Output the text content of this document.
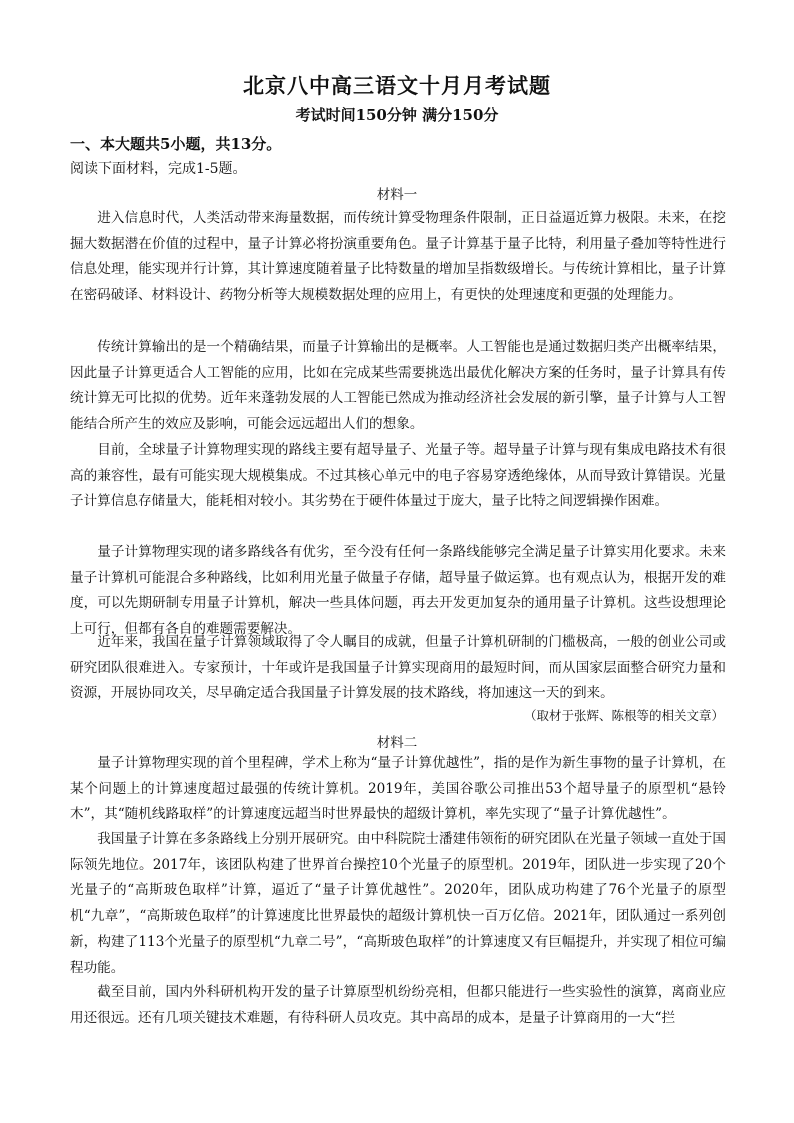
北京八中高三语文十月月考试题
考试时间150分钟 满分150分
一、本大题共5小题，共13分。
阅读下面材料，完成1-5题。
材料一

进入信息时代，人类活动带来海量数据，而传统计算受物理条件限制，正日益逼近算力极限。未来，在挖掘大数据潜在价值的过程中，量子计算必将扮演重要角色。量子计算基于量子比特，利用量子叠加等特性进行信息处理，能实现并行计算，其计算速度随着量子比特数量的增加呈指数级增长。与传统计算相比，量子计算在密码破译、材料设计、药物分析等大规模数据处理的应用上，有更快的处理速度和更强的处理能力。

传统计算输出的是一个精确结果，而量子计算输出的是概率。人工智能也是通过数据归类产出概率结果，因此量子计算更适合人工智能的应用，比如在完成某些需要挑选出最优化解决方案的任务时，量子计算具有传统计算无可比拟的优势。近年来蓬勃发展的人工智能已然成为推动经济社会发展的新引擎，量子计算与人工智能结合所产生的效应及影响，可能会远远超出人们的想象。

目前，全球量子计算物理实现的路线主要有超导量子、光量子等。超导量子计算与现有集成电路技术有很高的兼容性，最有可能实现大规模集成。不过其核心单元中的电子容易穿透绝缘体，从而导致计算错误。光量子计算信息存储量大，能耗相对较小。其劣势在于硬件体量过于庞大，量子比特之间逻辑操作困难。

量子计算物理实现的诸多路线各有优劣，至今没有任何一条路线能够完全满足量子计算实用化要求。未来量子计算机可能混合多种路线，比如利用光量子做量子存储，超导量子做运算。也有观点认为，根据开发的难度，可以先期研制专用量子计算机，解决一些具体问题，再去开发更加复杂的通用量子计算机。这些设想理论上可行，但都有各自的难题需要解决。

近年来，我国在量子计算领域取得了令人瞩目的成就，但量子计算机研制的门槛极高，一般的创业公司或研究团队很难进入。专家预计，十年或许是我国量子计算实现商用的最短时间，而从国家层面整合研究力量和资源，开展协同攻关，尽早确定适合我国量子计算发展的技术路线，将加速这一天的到来。

（取材于张辉、陈根等的相关文章）
材料二

量子计算物理实现的首个里程碑，学术上称为“量子计算优越性”，指的是作为新生事物的量子计算机，在某个问题上的计算速度超过最强的传统计算机。2019年，美国谷歌公司推出53个超导量子的原型机“悬铃木”，其“随机线路取样”的计算速度远超当时世界最快的超级计算机，率先实现了“量子计算优越性”。

我国量子计算在多条路线上分别开展研究。由中科院院士潘建伟领衔的研究团队在光量子领域一直处于国际领先地位。2017年，该团队构建了世界首台操控10个光量子的原型机。2019年，团队进一步实现了20个光量子的“高斯玻色取样”计算，逼近了“量子计算优越性”。2020年，团队成功构建了76个光量子的原型机“九章”，“高斯玻色取样”的计算速度比世界最快的超级计算机快一百万亿倍。2021年，团队通过一系列创新，构建了113个光量子的原型机“九章二号”，“高斯玻色取样”的计算速度又有巨幅提升，并实现了相位可编程功能。

截至目前，国内外科研机构开发的量子计算原型机纷纷亮相，但都只能进行一些实验性的演算，离商业应用还很远。还有几项关键技术难题，有待科研人员攻克。其中高昂的成本，是量子计算商用的一大“拦
